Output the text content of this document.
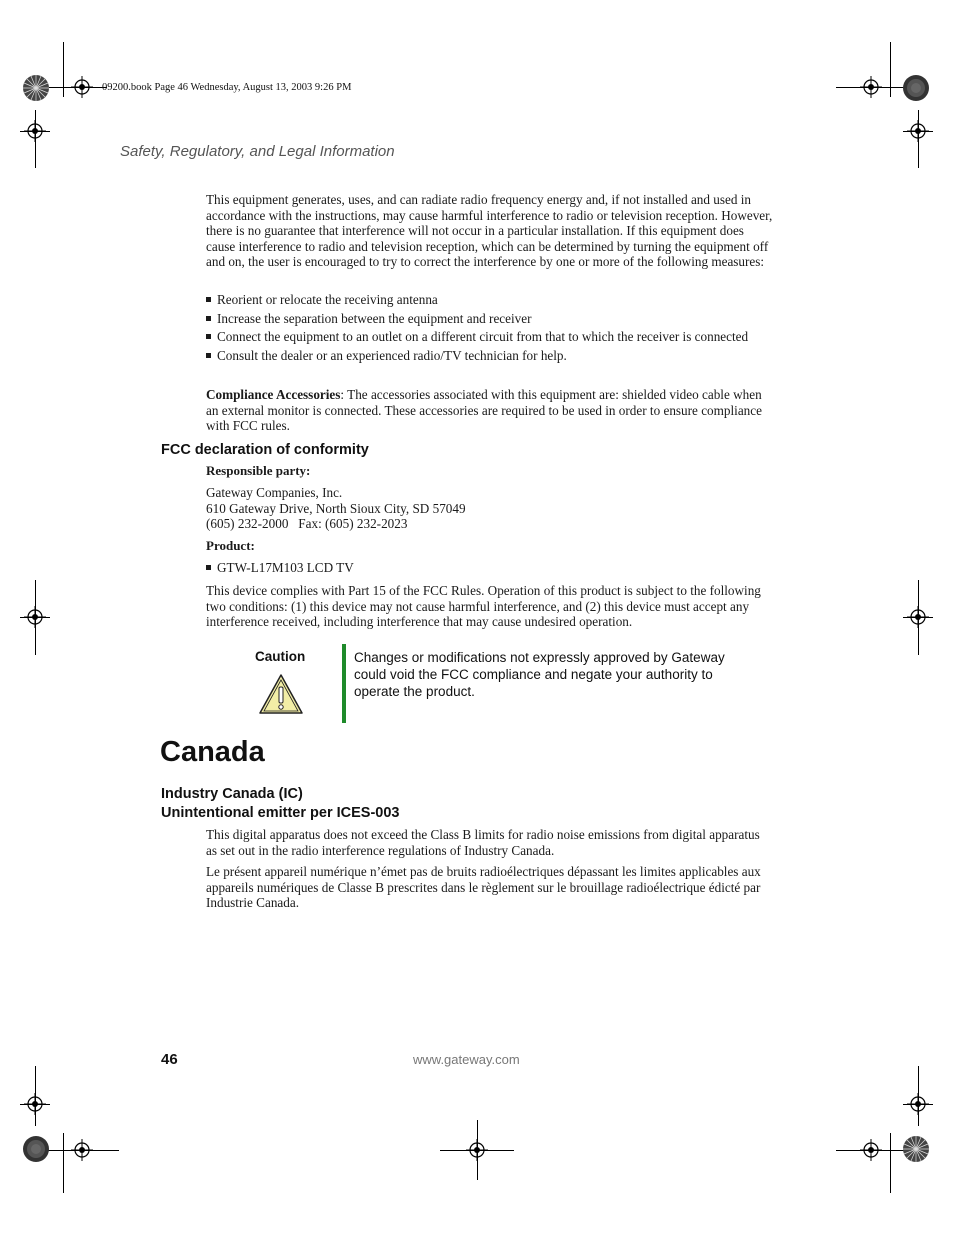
09200.book Page 46 Wednesday, August 13, 2003 9:26 PM
Safety, Regulatory, and Legal Information
This equipment generates, uses, and can radiate radio frequency energy and, if not installed and used in accordance with the instructions, may cause harmful interference to radio or television reception. However, there is no guarantee that interference will not occur in a particular installation. If this equipment does cause interference to radio and television reception, which can be determined by turning the equipment off and on, the user is encouraged to try to correct the interference by one or more of the following measures:
Reorient or relocate the receiving antenna
Increase the separation between the equipment and receiver
Connect the equipment to an outlet on a different circuit from that to which the receiver is connected
Consult the dealer or an experienced radio/TV technician for help.
Compliance Accessories: The accessories associated with this equipment are: shielded video cable when an external monitor is connected. These accessories are required to be used in order to ensure compliance with FCC rules.
FCC declaration of conformity
Responsible party:
Gateway Companies, Inc.
610 Gateway Drive, North Sioux City, SD 57049
(605) 232-2000   Fax: (605) 232-2023
Product:
GTW-L17M103 LCD TV
This device complies with Part 15 of the FCC Rules. Operation of this product is subject to the following two conditions: (1) this device may not cause harmful interference, and (2) this device must accept any interference received, including interference that may cause undesired operation.
Caution	Changes or modifications not expressly approved by Gateway could void the FCC compliance and negate your authority to operate the product.
Canada
Industry Canada (IC)
Unintentional emitter per ICES-003
This digital apparatus does not exceed the Class B limits for radio noise emissions from digital apparatus as set out in the radio interference regulations of Industry Canada.
Le présent appareil numérique n’émet pas de bruits radioélectriques dépassant les limites applicables aux appareils numériques de Classe B prescrites dans le règlement sur le brouillage radioélectrique édicté par Industrie Canada.
46	www.gateway.com
